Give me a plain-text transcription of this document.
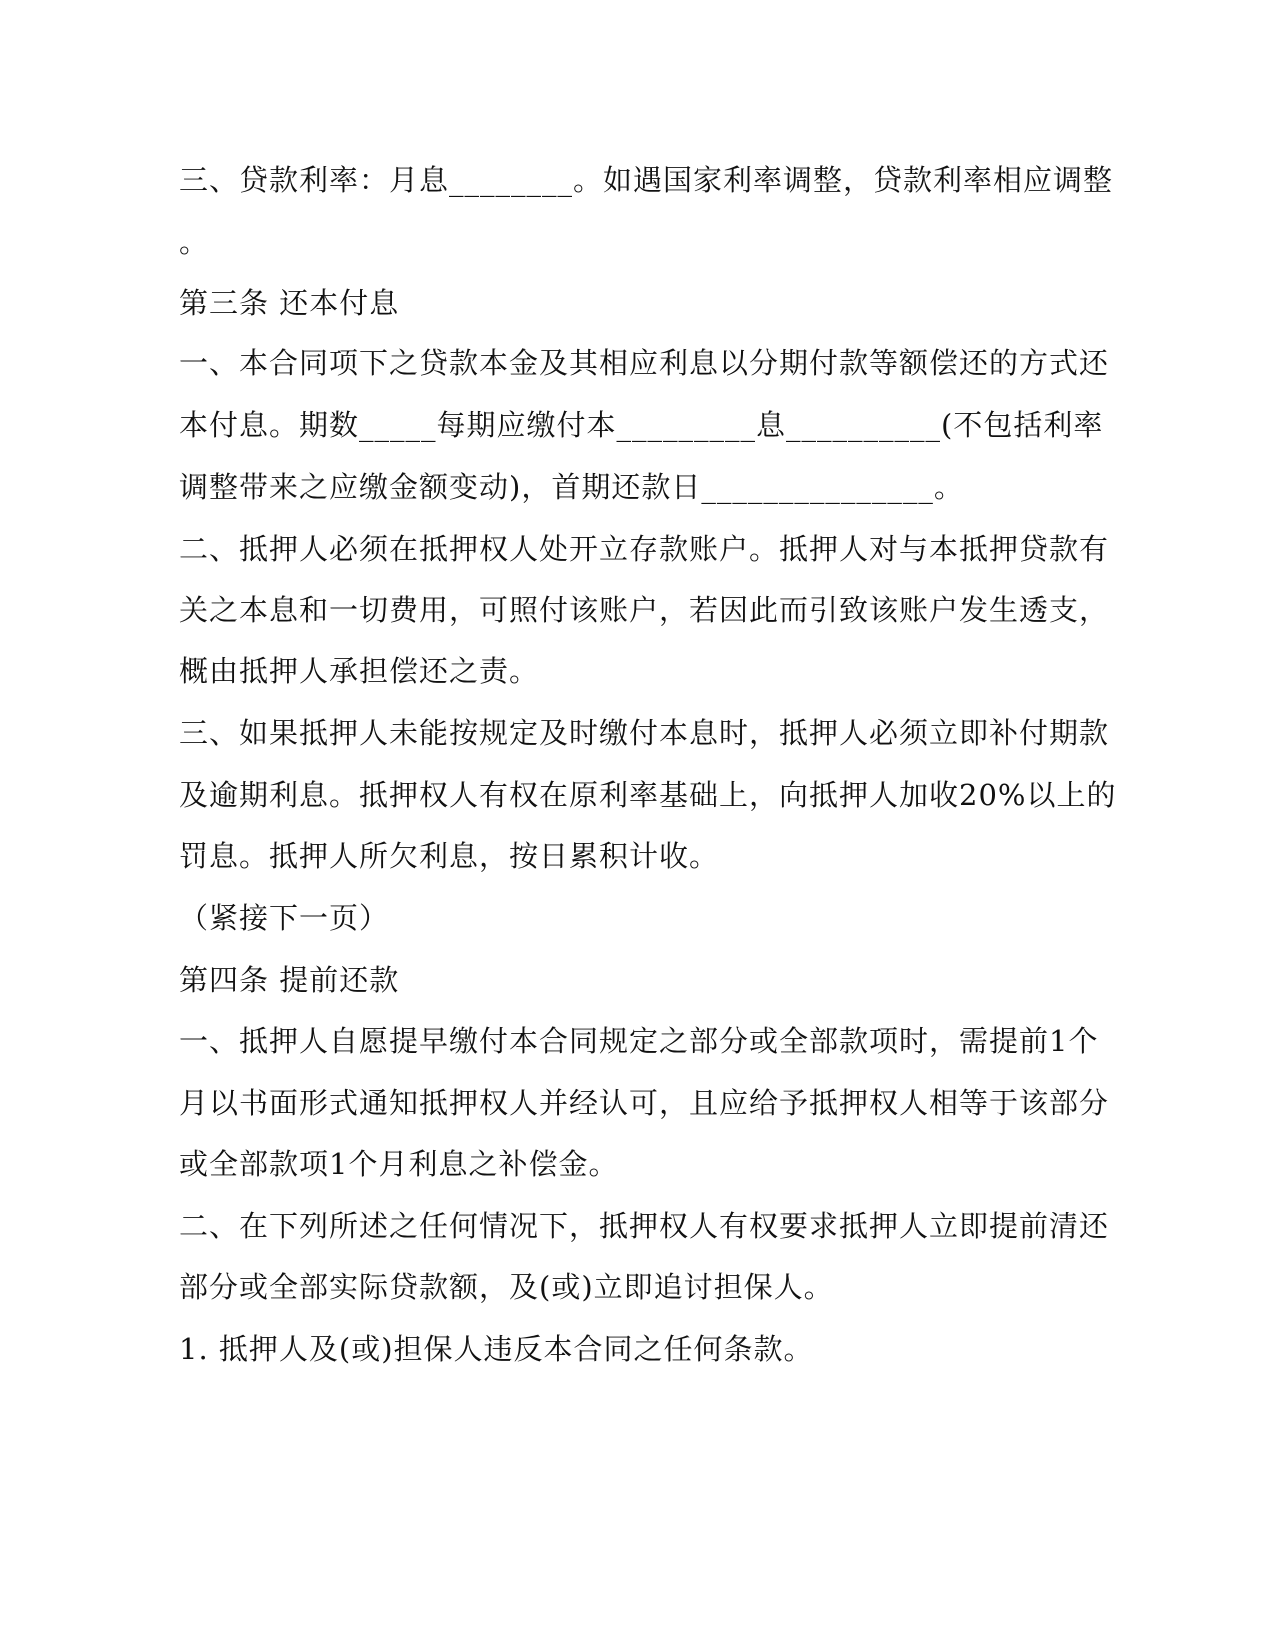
三、贷款利率：月息________。如遇国家利率调整，贷款利率相应调整
。
第三条 还本付息
一、本合同项下之贷款本金及其相应利息以分期付款等额偿还的方式还
本付息。期数_____每期应缴付本_________息__________(不包括利率
调整带来之应缴金额变动)，首期还款日_______________。
二、抵押人必须在抵押权人处开立存款账户。抵押人对与本抵押贷款有
关之本息和一切费用，可照付该账户，若因此而引致该账户发生透支，
概由抵押人承担偿还之责。
三、如果抵押人未能按规定及时缴付本息时，抵押人必须立即补付期款
及逾期利息。抵押权人有权在原利率基础上，向抵押人加收20%以上的
罚息。抵押人所欠利息，按日累积计收。
（紧接下一页）
第四条 提前还款
一、抵押人自愿提早缴付本合同规定之部分或全部款项时，需提前1个
月以书面形式通知抵押权人并经认可，且应给予抵押权人相等于该部分
或全部款项1个月利息之补偿金。
二、在下列所述之任何情况下，抵押权人有权要求抵押人立即提前清还
部分或全部实际贷款额，及(或)立即追讨担保人。
1. 抵押人及(或)担保人违反本合同之任何条款。
